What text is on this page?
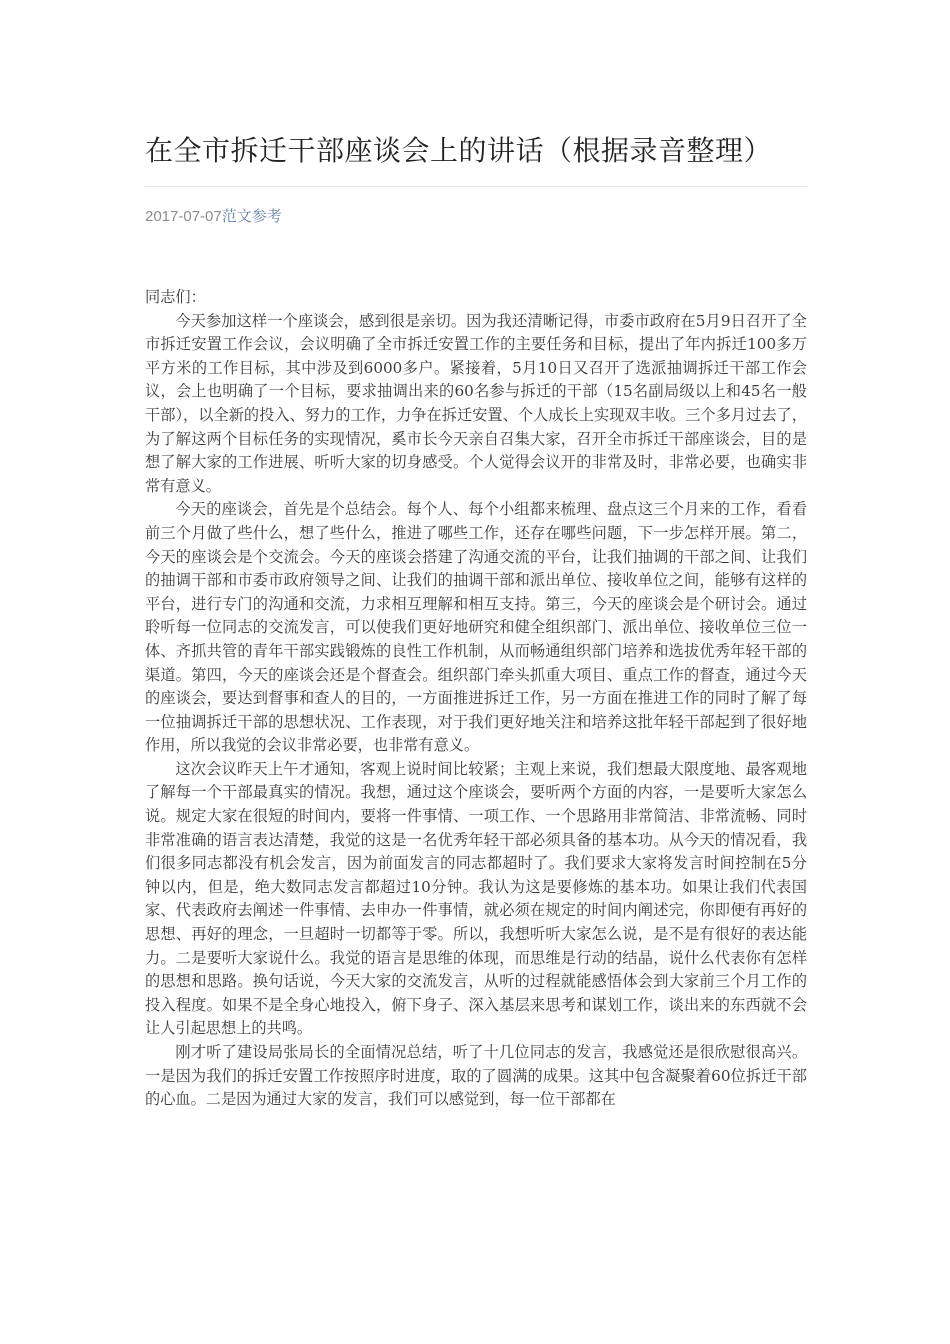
在全市拆迁干部座谈会上的讲话（根据录音整理）
2017-07-07范文参考

同志们：

今天参加这样一个座谈会，感到很是亲切。因为我还清晰记得，市委市政府在5月9日召开了全市拆迁安置工作会议，会议明确了全市拆迁安置工作的主要任务和目标，提出了年内拆迁100多万平方米的工作目标，其中涉及到6000多户。紧接着，5月10日又召开了选派抽调拆迁干部工作会议，会上也明确了一个目标，要求抽调出来的60名参与拆迁的干部（15名副局级以上和45名一般干部），以全新的投入、努力的工作，力争在拆迁安置、个人成长上实现双丰收。三个多月过去了，为了解这两个目标任务的实现情况，奚市长今天亲自召集大家，召开全市拆迁干部座谈会，目的是想了解大家的工作进展、听听大家的切身感受。个人觉得会议开的非常及时，非常必要，也确实非常有意义。

今天的座谈会，首先是个总结会。每个人、每个小组都来梳理、盘点这三个月来的工作，看看前三个月做了些什么，想了些什么，推进了哪些工作，还存在哪些问题，下一步怎样开展。第二，今天的座谈会是个交流会。今天的座谈会搭建了沟通交流的平台，让我们抽调的干部之间、让我们的抽调干部和市委市政府领导之间、让我们的抽调干部和派出单位、接收单位之间，能够有这样的平台，进行专门的沟通和交流，力求相互理解和相互支持。第三，今天的座谈会是个研讨会。通过聆听每一位同志的交流发言，可以使我们更好地研究和健全组织部门、派出单位、接收单位三位一体、齐抓共管的青年干部实践锻炼的良性工作机制，从而畅通组织部门培养和选拔优秀年轻干部的渠道。第四，今天的座谈会还是个督查会。组织部门牵头抓重大项目、重点工作的督查，通过今天的座谈会，要达到督事和查人的目的，一方面推进拆迁工作，另一方面在推进工作的同时了解了每一位抽调拆迁干部的思想状况、工作表现，对于我们更好地关注和培养这批年轻干部起到了很好地作用，所以我觉的会议非常必要，也非常有意义。

这次会议昨天上午才通知，客观上说时间比较紧；主观上来说，我们想最大限度地、最客观地了解每一个干部最真实的情况。我想，通过这个座谈会，要听两个方面的内容，一是要听大家怎么说。规定大家在很短的时间内，要将一件事情、一项工作、一个思路用非常简洁、非常流畅、同时非常准确的语言表达清楚，我觉的这是一名优秀年轻干部必须具备的基本功。从今天的情况看，我们很多同志都没有机会发言，因为前面发言的同志都超时了。我们要求大家将发言时间控制在5分钟以内，但是，绝大数同志发言都超过10分钟。我认为这是要修炼的基本功。如果让我们代表国家、代表政府去阐述一件事情、去申办一件事情，就必须在规定的时间内阐述完，你即便有再好的思想、再好的理念，一旦超时一切都等于零。所以，我想听听大家怎么说，是不是有很好的表达能力。二是要听大家说什么。我觉的语言是思维的体现，而思维是行动的结晶，说什么代表你有怎样的思想和思路。换句话说，今天大家的交流发言，从听的过程就能感悟体会到大家前三个月工作的投入程度。如果不是全身心地投入，俯下身子、深入基层来思考和谋划工作，谈出来的东西就不会让人引起思想上的共鸣。

刚才听了建设局张局长的全面情况总结，听了十几位同志的发言，我感觉还是很欣慰很高兴。一是因为我们的拆迁安置工作按照序时进度，取的了圆满的成果。这其中包含凝聚着60位拆迁干部的心血。二是因为通过大家的发言，我们可以感觉到，每一位干部都在
